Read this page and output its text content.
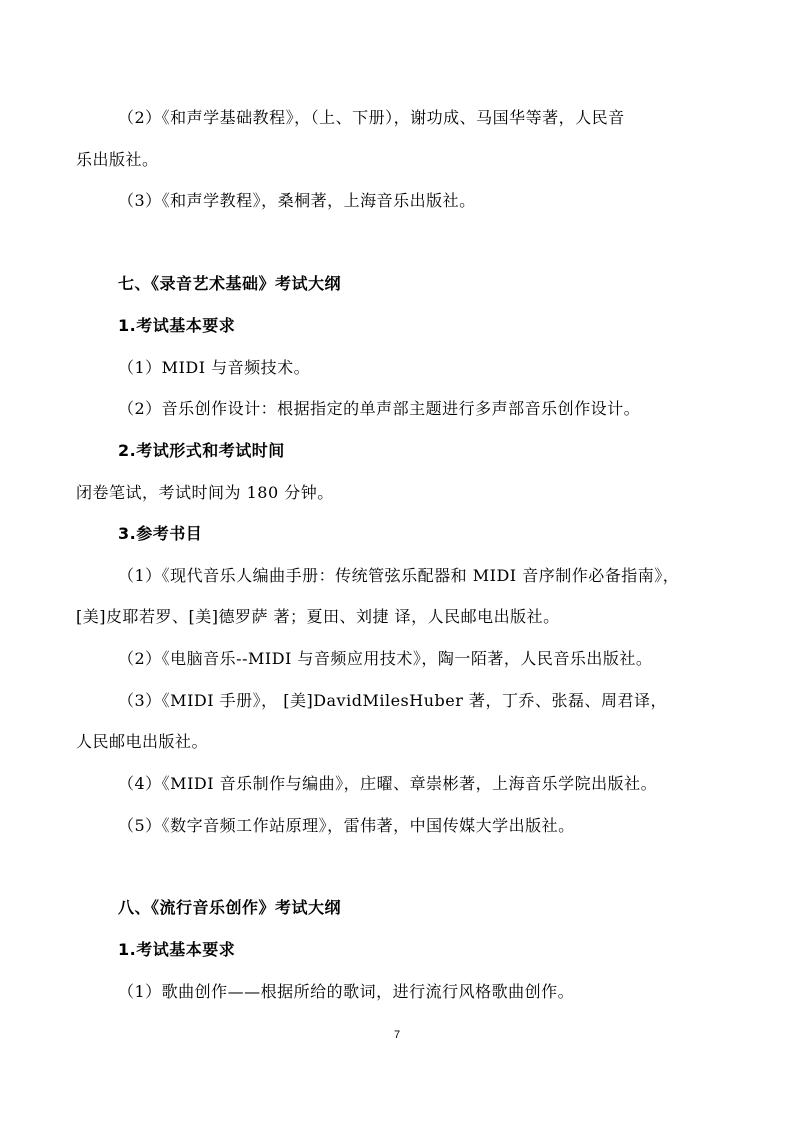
（2）《和声学基础教程》，（上、下册），谢功成、马国华等著，人民音
乐出版社。
（3）《和声学教程》，桑桐著，上海音乐出版社。
七、《录音艺术基础》考试大纲
1.考试基本要求
（1）MIDI 与音频技术。
（2）音乐创作设计：根据指定的单声部主题进行多声部音乐创作设计。
2.考试形式和考试时间
闭卷笔试，考试时间为 180 分钟。
3.参考书目
（1）《现代音乐人编曲手册：传统管弦乐配器和 MIDI 音序制作必备指南》，
[美]皮耶若罗、[美]德罗萨 著；夏田、刘捷 译，人民邮电出版社。
（2）《电脑音乐--MIDI 与音频应用技术》，陶一陌著，人民音乐出版社。
（3）《MIDI 手册》， [美]DavidMilesHuber 著，丁乔、张磊、周君译，
人民邮电出版社。
（4）《MIDI 音乐制作与编曲》，庄曜、章崇彬著，上海音乐学院出版社。
（5）《数字音频工作站原理》，雷伟著，中国传媒大学出版社。
八、《流行音乐创作》考试大纲
1.考试基本要求
（1）歌曲创作——根据所给的歌词，进行流行风格歌曲创作。
7
